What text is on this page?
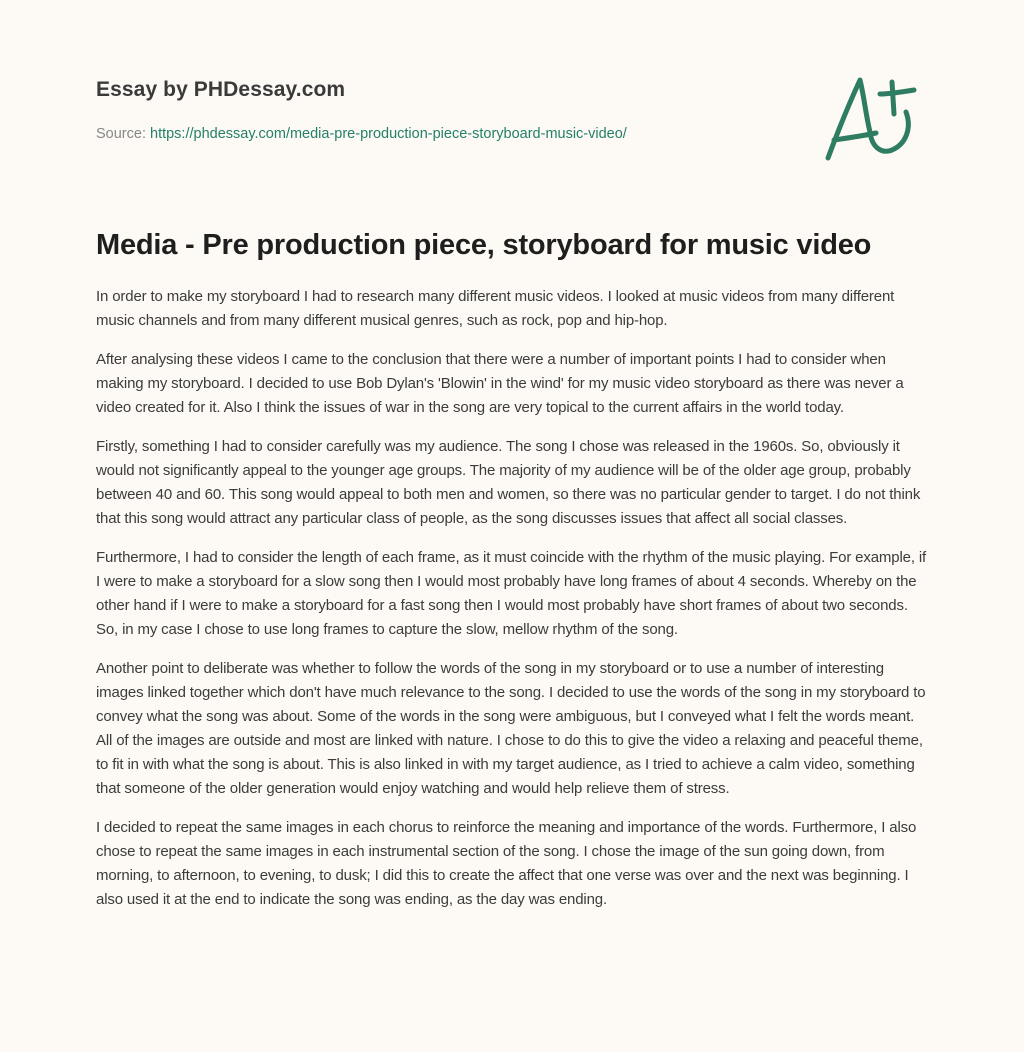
Essay by PHDessay.com
Source: https://phdessay.com/media-pre-production-piece-storyboard-music-video/
Media - Pre production piece, storyboard for music video

In order to make my storyboard I had to research many different music videos. I looked at music videos from many different music channels and from many different musical genres, such as rock, pop and hip-hop.

After analysing these videos I came to the conclusion that there were a number of important points I had to consider when making my storyboard. I decided to use Bob Dylan's 'Blowin' in the wind' for my music video storyboard as there was never a video created for it. Also I think the issues of war in the song are very topical to the current affairs in the world today.

Firstly, something I had to consider carefully was my audience. The song I chose was released in the 1960s. So, obviously it would not significantly appeal to the younger age groups. The majority of my audience will be of the older age group, probably between 40 and 60. This song would appeal to both men and women, so there was no particular gender to target. I do not think that this song would attract any particular class of people, as the song discusses issues that affect all social classes.

Furthermore, I had to consider the length of each frame, as it must coincide with the rhythm of the music playing. For example, if I were to make a storyboard for a slow song then I would most probably have long frames of about 4 seconds. Whereby on the other hand if I were to make a storyboard for a fast song then I would most probably have short frames of about two seconds. So, in my case I chose to use long frames to capture the slow, mellow rhythm of the song.

Another point to deliberate was whether to follow the words of the song in my storyboard or to use a number of interesting images linked together which don't have much relevance to the song. I decided to use the words of the song in my storyboard to convey what the song was about. Some of the words in the song were ambiguous, but I conveyed what I felt the words meant. All of the images are outside and most are linked with nature. I chose to do this to give the video a relaxing and peaceful theme, to fit in with what the song is about. This is also linked in with my target audience, as I tried to achieve a calm video, something that someone of the older generation would enjoy watching and would help relieve them of stress.

I decided to repeat the same images in each chorus to reinforce the meaning and importance of the words. Furthermore, I also chose to repeat the same images in each instrumental section of the song. I chose the image of the sun going down, from morning, to afternoon, to evening, to dusk; I did this to create the affect that one verse was over and the next was beginning. I also used it at the end to indicate the song was ending, as the day was ending.
